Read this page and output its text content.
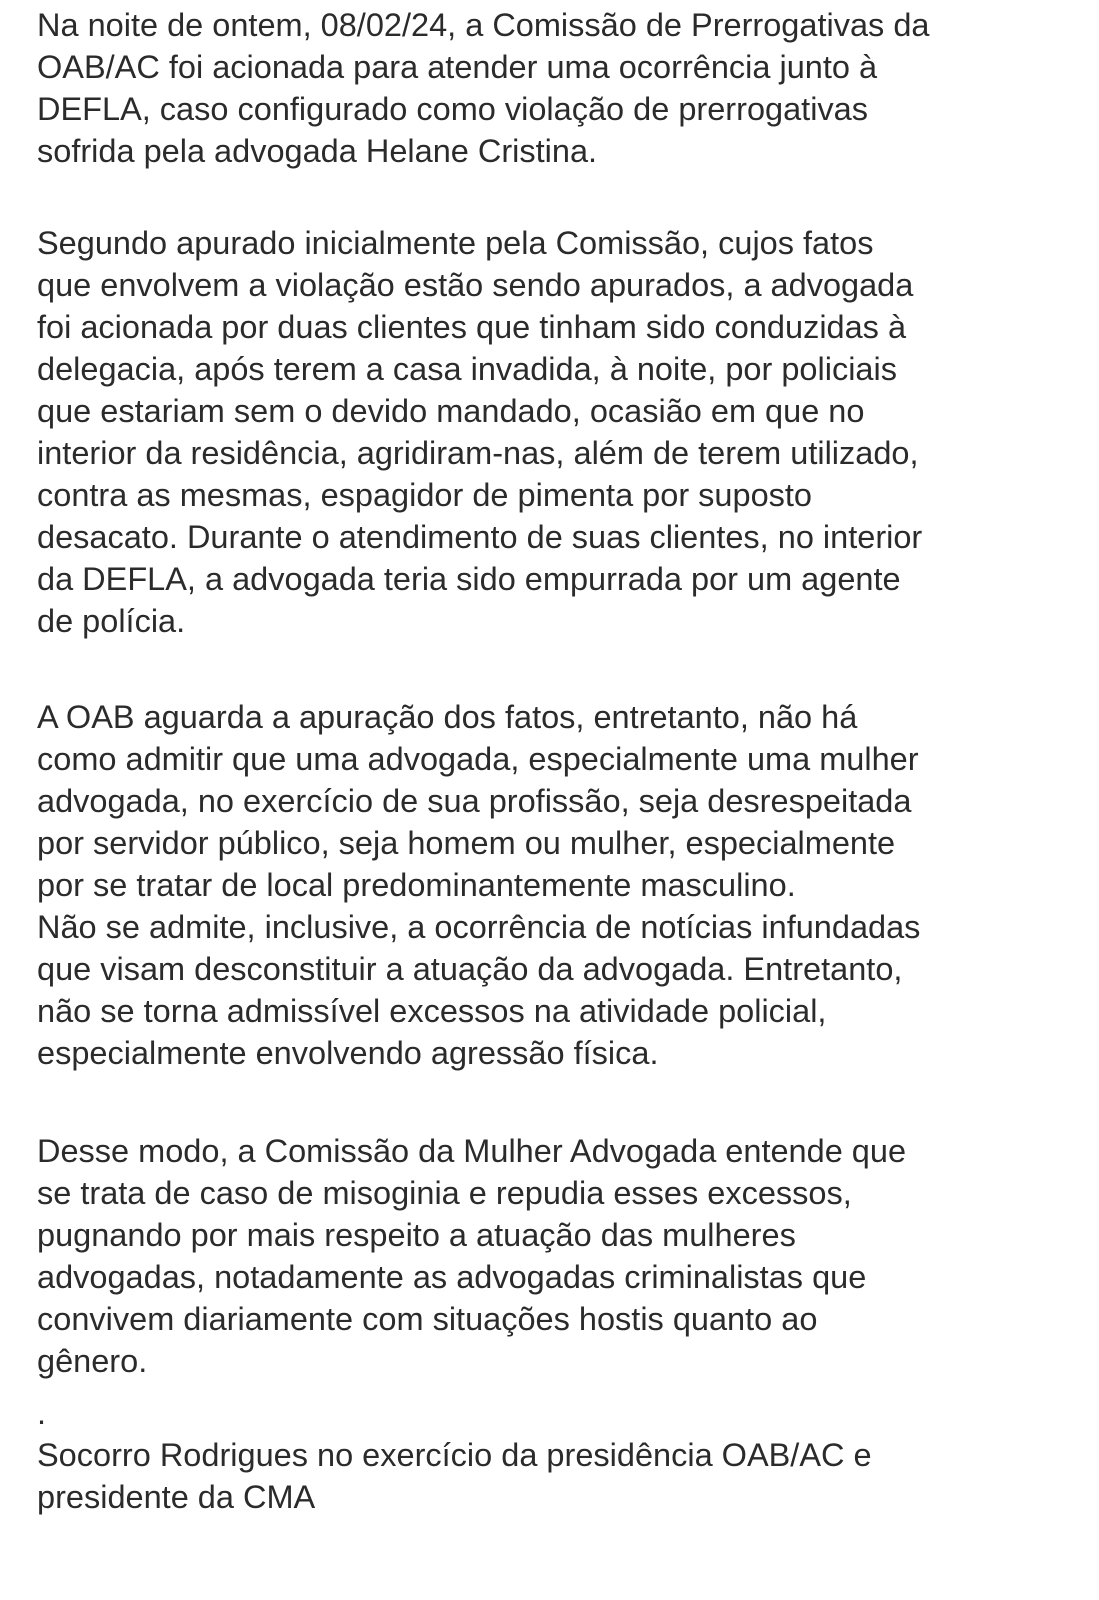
Na noite de ontem, 08/02/24, a Comissão de Prerrogativas da
OAB/AC foi acionada para atender uma ocorrência junto à
DEFLA, caso configurado como violação de prerrogativas
sofrida pela advogada Helane Cristina.

Segundo apurado inicialmente pela Comissão, cujos fatos
que envolvem a violação estão sendo apurados, a advogada
foi acionada por duas clientes que tinham sido conduzidas à
delegacia, após terem a casa invadida, à noite, por policiais
que estariam sem o devido mandado, ocasião em que no
interior da residência, agridiram-nas, além de terem utilizado,
contra as mesmas, espagidor de pimenta por suposto
desacato. Durante o atendimento de suas clientes, no interior
da DEFLA, a advogada teria sido empurrada por um agente
de polícia.

A OAB aguarda a apuração dos fatos, entretanto, não há
como admitir que uma advogada, especialmente uma mulher
advogada, no exercício de sua profissão, seja desrespeitada
por servidor público, seja homem ou mulher, especialmente
por se tratar de local predominantemente masculino.
Não se admite, inclusive, a ocorrência de notícias infundadas
que visam desconstituir a atuação da advogada. Entretanto,
não se torna admissível excessos na atividade policial,
especialmente envolvendo agressão física.

Desse modo, a Comissão da Mulher Advogada entende que
se trata de caso de misoginia e repudia esses excessos,
pugnando por mais respeito a atuação das mulheres
advogadas, notadamente as advogadas criminalistas que
convivem diariamente com situações hostis quanto ao
gênero.

.

Socorro Rodrigues no exercício da presidência OAB/AC e
presidente da CMA
